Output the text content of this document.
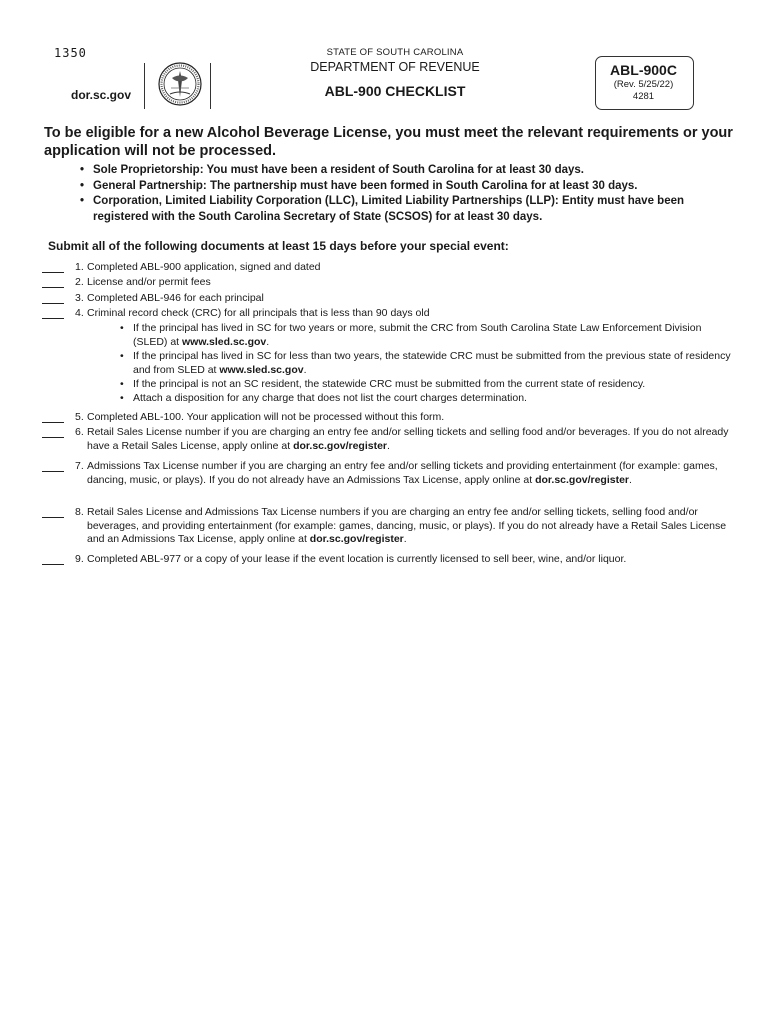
1350
dor.sc.gov
STATE OF SOUTH CAROLINA
DEPARTMENT OF REVENUE
ABL-900 CHECKLIST
ABL-900C
(Rev. 5/25/22)
4281
To be eligible for a new Alcohol Beverage License, you must meet the relevant requirements or your application will not be processed.
• Sole Proprietorship: You must have been a resident of South Carolina for at least 30 days.
• General Partnership: The partnership must have been formed in South Carolina for at least 30 days.
• Corporation, Limited Liability Corporation (LLC), Limited Liability Partnerships (LLP): Entity must have been registered with the South Carolina Secretary of State (SCSOS) for at least 30 days.
Submit all of the following documents at least 15 days before your special event:
1. Completed ABL-900 application, signed and dated
2. License and/or permit fees
3. Completed ABL-946 for each principal
4. Criminal record check (CRC) for all principals that is less than 90 days old
• If the principal has lived in SC for two years or more, submit the CRC from South Carolina State Law Enforcement Division (SLED) at www.sled.sc.gov.
• If the principal has lived in SC for less than two years, the statewide CRC must be submitted from the previous state of residency and from SLED at www.sled.sc.gov.
• If the principal is not an SC resident, the statewide CRC must be submitted from the current state of residency.
• Attach a disposition for any charge that does not list the court charges determination.
5. Completed ABL-100. Your application will not be processed without this form.
6. Retail Sales License number if you are charging an entry fee and/or selling tickets and selling food and/or beverages. If you do not already have a Retail Sales License, apply online at dor.sc.gov/register.
7. Admissions Tax License number if you are charging an entry fee and/or selling tickets and providing entertainment (for example: games, dancing, music, or plays). If you do not already have an Admissions Tax License, apply online at dor.sc.gov/register.
8. Retail Sales License and Admissions Tax License numbers if you are charging an entry fee and/or selling tickets, selling food and/or beverages, and providing entertainment (for example: games, dancing, music, or plays). If you do not already have a Retail Sales License and an Admissions Tax License, apply online at dor.sc.gov/register.
9. Completed ABL-977 or a copy of your lease if the event location is currently licensed to sell beer, wine, and/or liquor.
